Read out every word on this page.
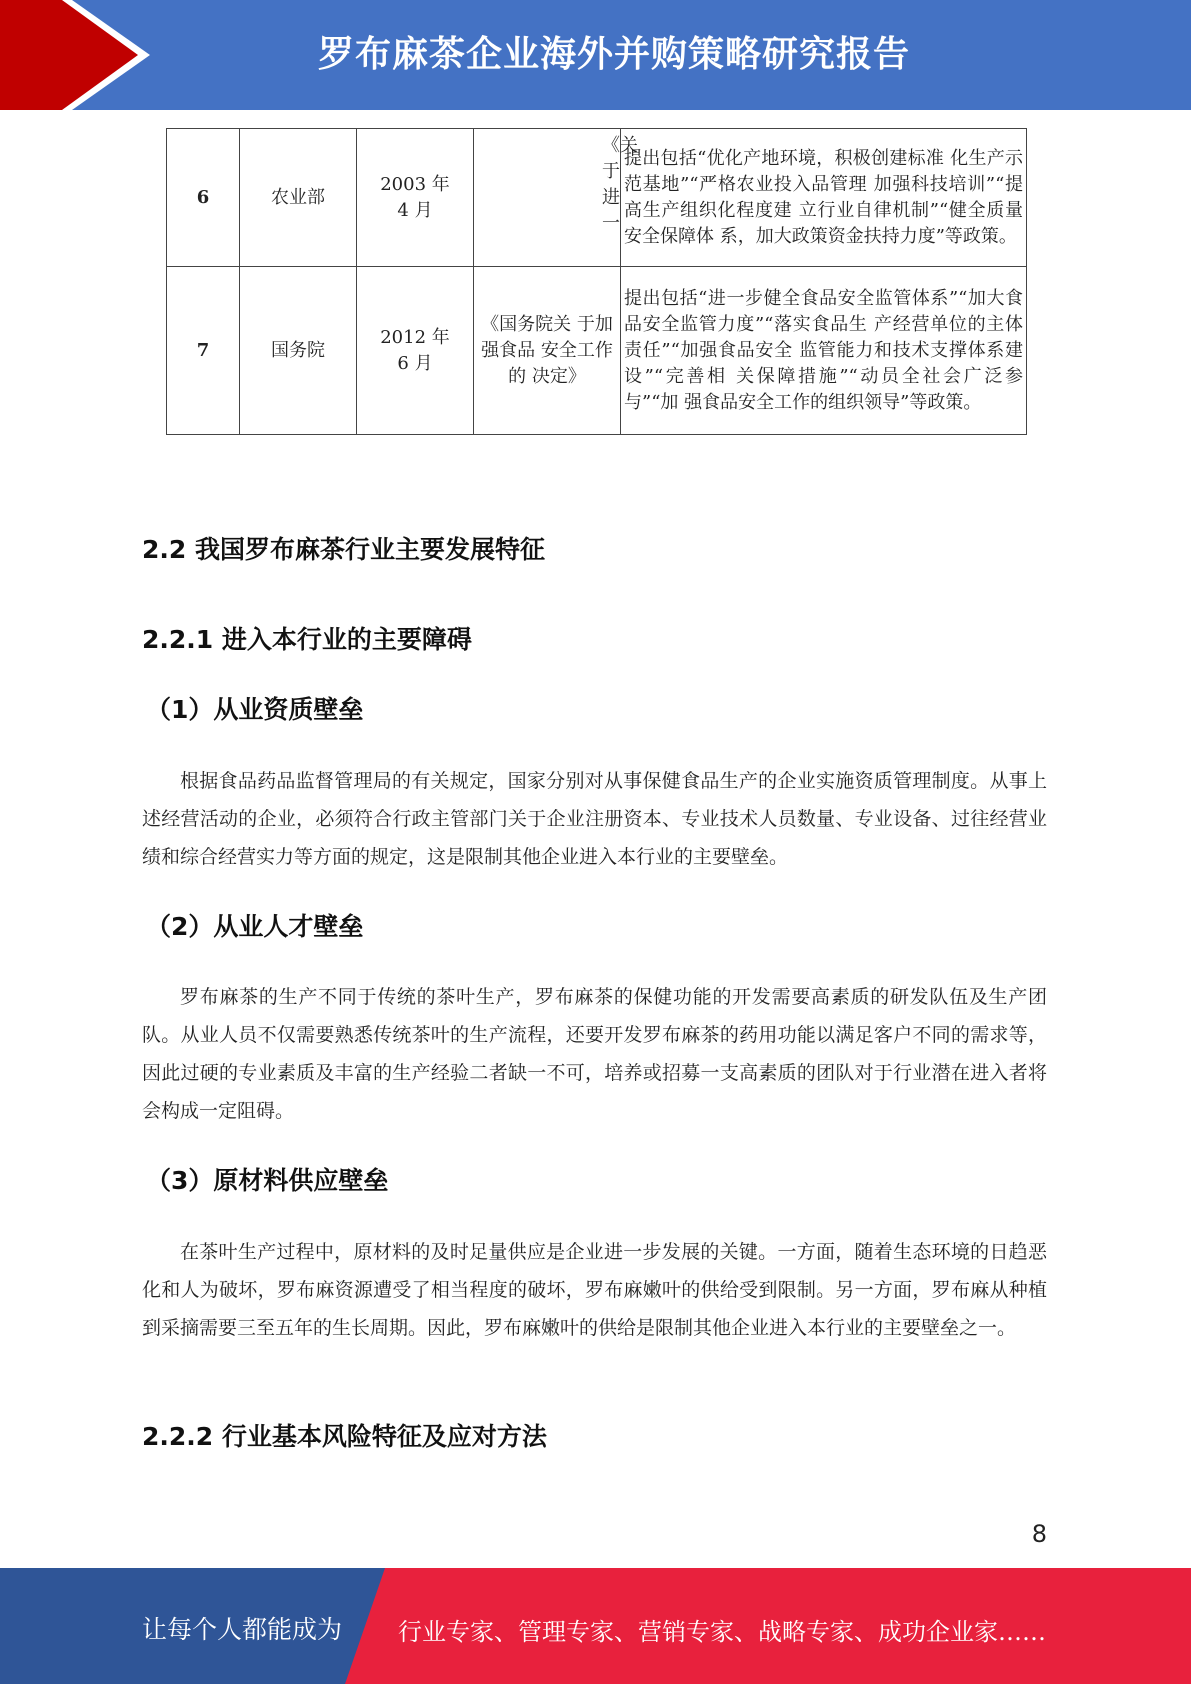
罗布麻茶企业海外并购策略研究报告
6	农业部	2003 年 4 月	《关于进一	提出包括“优化产地环境，积极创建标准 化生产示范基地”“严格农业投入品管理 加强科技培训”“提高生产组织化程度建 立行业自律机制”“健全质量安全保障体 系，加大政策资金扶持力度”等政策。
7	国务院	2012 年 6 月	《国务院关 于加强食品 安全工作的 决定》	提出包括“进一步健全食品安全监管体系”“加大食品安全监管力度”“落实食品生 产经营单位的主体责任”“加强食品安全 监管能力和技术支撑体系建设”“完善相 关保障措施”“动员全社会广泛参与”“加 强食品安全工作的组织领导”等政策。
2.2 我国罗布麻茶行业主要发展特征
2.2.1 进入本行业的主要障碍
（1）从业资质壁垒
根据食品药品监督管理局的有关规定，国家分别对从事保健食品生产的企业实施资质管理制度。从事上述经营活动的企业，必须符合行政主管部门关于企业注册资本、专业技术人员数量、专业设备、过往经营业绩和综合经营实力等方面的规定，这是限制其他企业进入本行业的主要壁垒。
（2）从业人才壁垒
罗布麻茶的生产不同于传统的茶叶生产，罗布麻茶的保健功能的开发需要高素质的研发队伍及生产团队。从业人员不仅需要熟悉传统茶叶的生产流程，还要开发罗布麻茶的药用功能以满足客户不同的需求等，因此过硬的专业素质及丰富的生产经验二者缺一不可，培养或招募一支高素质的团队对于行业潜在进入者将会构成一定阻碍。
（3）原材料供应壁垒
在茶叶生产过程中，原材料的及时足量供应是企业进一步发展的关键。一方面，随着生态环境的日趋恶化和人为破坏，罗布麻资源遭受了相当程度的破坏，罗布麻嫩叶的供给受到限制。另一方面，罗布麻从种植到采摘需要三至五年的生长周期。因此，罗布麻嫩叶的供给是限制其他企业进入本行业的主要壁垒之一。
2.2.2 行业基本风险特征及应对方法
8
让每个人都能成为 行业专家、管理专家、营销专家、战略专家、成功企业家……
